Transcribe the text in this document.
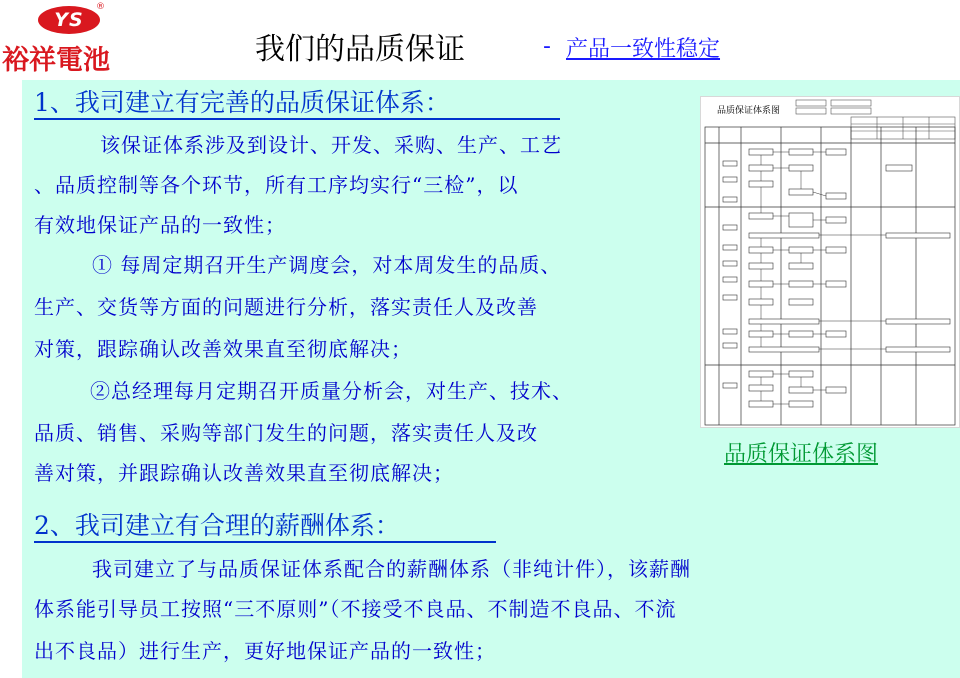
YS
®
裕祥電池	我们的品质保证	- 产品一致性稳定
1、我司建立有完善的品质保证体系：
该保证体系涉及到设计、开发、采购、生产、工艺
、品质控制等各个环节，所有工序均实行“三检”，以
有效地保证产品的一致性；
① 每周定期召开生产调度会，对本周发生的品质、
生产、交货等方面的问题进行分析，落实责任人及改善
对策，跟踪确认改善效果直至彻底解决；
②总经理每月定期召开质量分析会，对生产、技术、
品质、销售、采购等部门发生的问题，落实责任人及改
善对策，并跟踪确认改善效果直至彻底解决；
2、我司建立有合理的薪酬体系：
我司建立了与品质保证体系配合的薪酬体系（非纯计件），该薪酬
体系能引导员工按照“三不原则”（不接受不良品、不制造不良品、不流
出不良品）进行生产，更好地保证产品的一致性；
品质保证体系图
品质保证体系图
